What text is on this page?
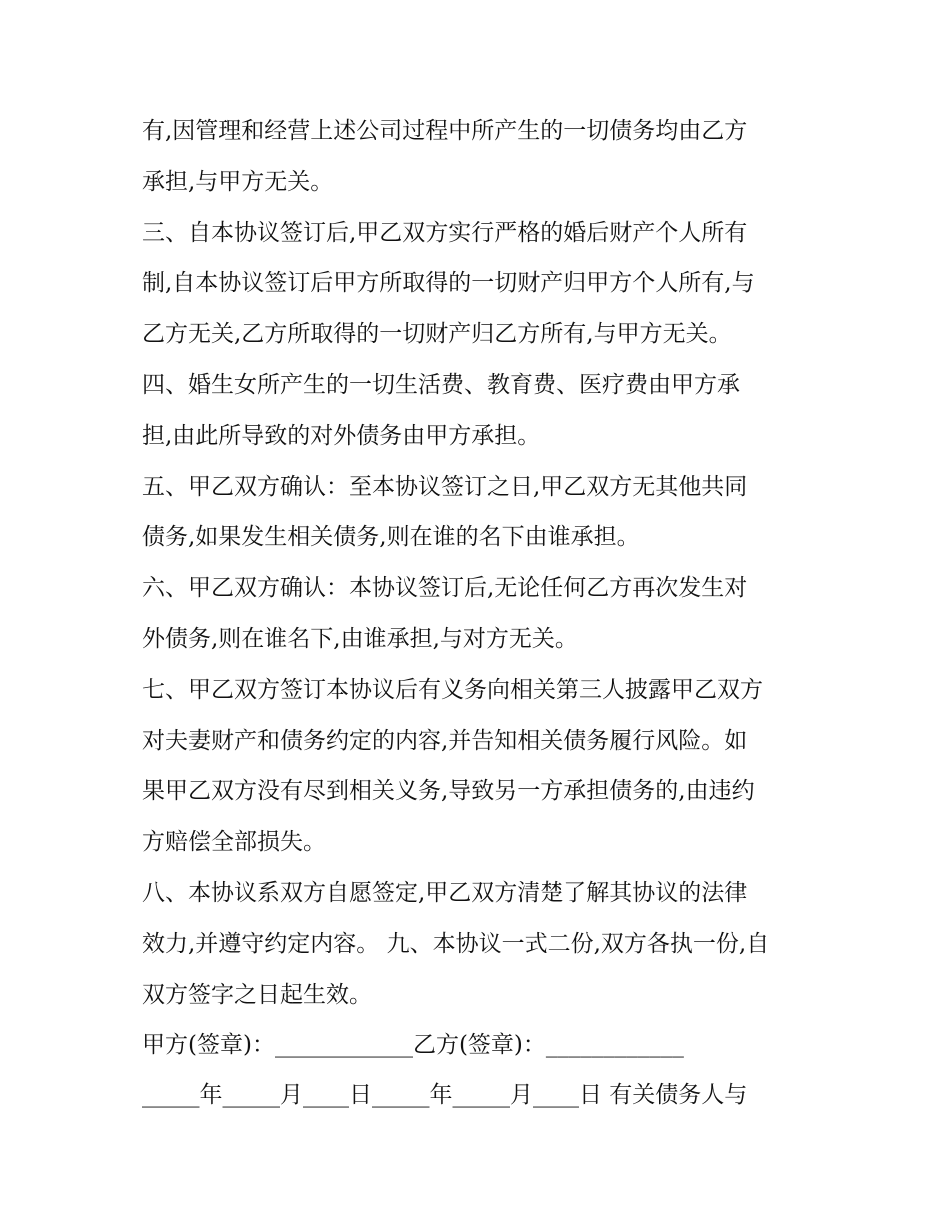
有,因管理和经营上述公司过程中所产生的一切债务均由乙方
承担,与甲方无关。
三、自本协议签订后,甲乙双方实行严格的婚后财产个人所有
制,自本协议签订后甲方所取得的一切财产归甲方个人所有,与
乙方无关,乙方所取得的一切财产归乙方所有,与甲方无关。
四、婚生女所产生的一切生活费、教育费、医疗费由甲方承
担,由此所导致的对外债务由甲方承担。
五、甲乙双方确认：至本协议签订之日,甲乙双方无其他共同
债务,如果发生相关债务,则在谁的名下由谁承担。
六、甲乙双方确认：本协议签订后,无论任何乙方再次发生对
外债务,则在谁名下,由谁承担,与对方无关。
七、甲乙双方签订本协议后有义务向相关第三人披露甲乙双方
对夫妻财产和债务约定的内容,并告知相关债务履行风险。如
果甲乙双方没有尽到相关义务,导致另一方承担债务的,由违约
方赔偿全部损失。
八、本协议系双方自愿签定,甲乙双方清楚了解其协议的法律
效力,并遵守约定内容。 九、本协议一式二份,双方各执一份,自
双方签字之日起生效。
甲方(签章)：____________乙方(签章)：____________
_____年_____月____日_____年_____月____日 有关债务人与
